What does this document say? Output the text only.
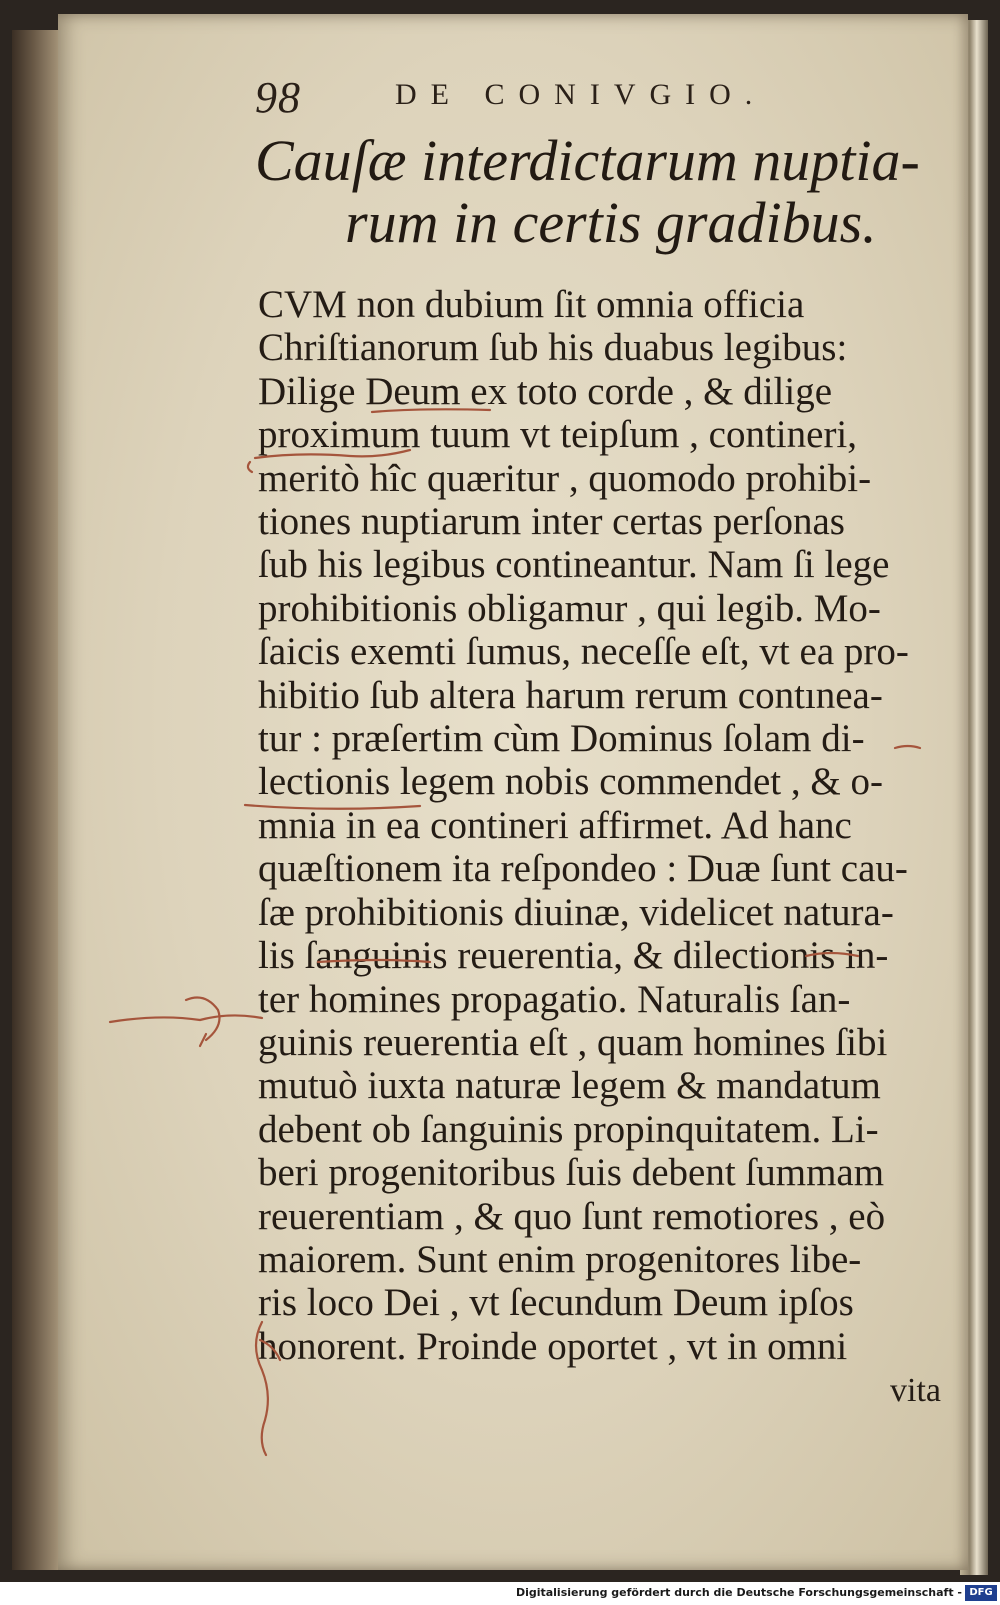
98	DE CONIVGIO.
Cauſæ interdictarum nuptia-
rum in certis gradibus.
CVM non dubium ſit omnia officia
Chriſtianorum ſub his duabus legibus:
Dilige Deum ex toto corde , & dilige
proximum tuum vt teipſum , contineri,
meritò hîc quæritur , quomodo prohibi-
tiones nuptiarum inter certas perſonas
ſub his legibus contineantur. Nam ſi lege
prohibitionis obligamur , qui legib. Mo-
ſaicis exemti ſumus, neceſſe eſt, vt ea pro-
hibitio ſub altera harum rerum contınea-
tur : præſertim cùm Dominus ſolam di-
lectionis legem nobis commendet , & o-
mnia in ea contineri affirmet. Ad hanc
quæſtionem ita reſpondeo : Duæ ſunt cau-
ſæ prohibitionis diuinæ, videlicet natura-
lis ſanguinis reuerentia, & dilectionis in-
ter homines propagatio. Naturalis ſan-
guinis reuerentia eſt , quam homines ſibi
mutuò iuxta naturæ legem & mandatum
debent ob ſanguinis propinquitatem. Li-
beri progenitoribus ſuis debent ſummam
reuerentiam , & quo ſunt remotiores , eò
maiorem. Sunt enim progenitores libe-
ris loco Dei , vt ſecundum Deum ipſos
honorent. Proinde oportet , vt in omni
vita
Digitalisierung gefördert durch die Deutsche Forschungsgemeinschaft - DFG
